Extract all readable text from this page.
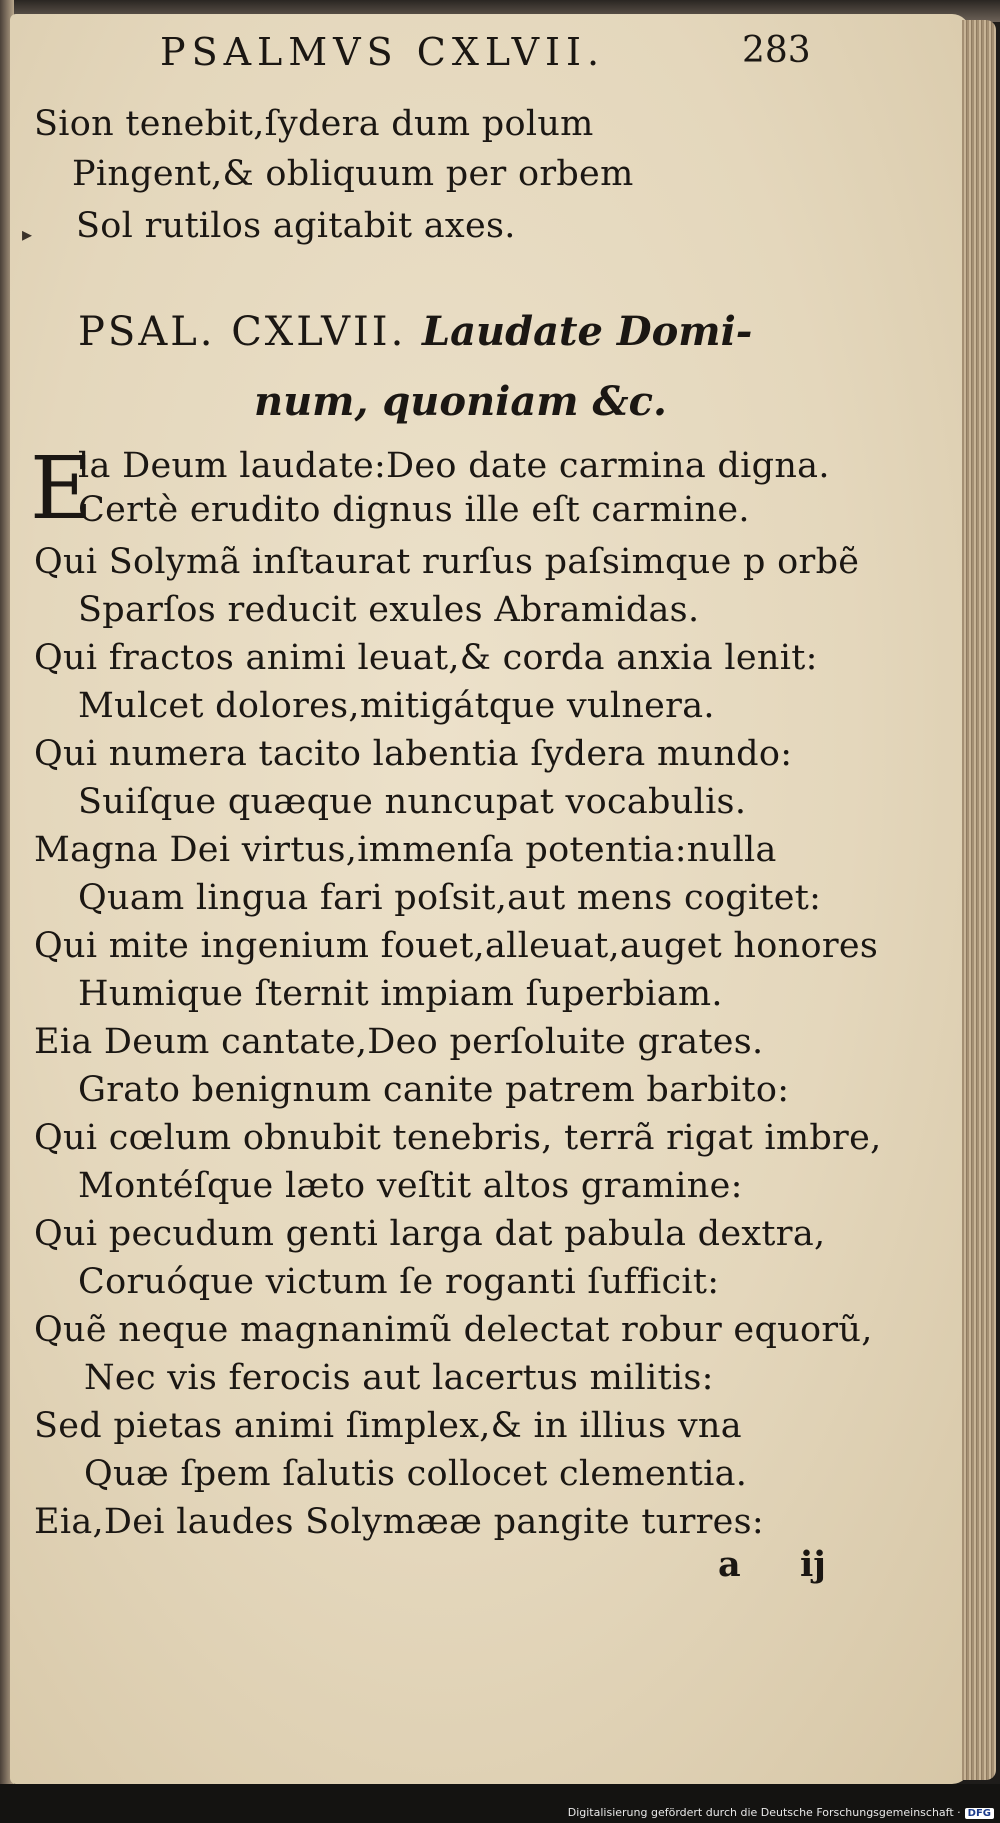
PSALMVS CXLVII.	283
Sion tenebit,ſydera dum polum
Pingent,& obliquum per orbem
▸ Sol rutilos agitabit axes.
PSAL. CXLVII. Laudate Domi-
num, quoniam &c.
E
la Deum laudate:Deo date carmina digna.
Certè erudito dignus ille eſt carmine.
Qui Solymã inſtaurat rurſus paſsimque p orbẽ
Sparſos reducit exules Abramidas.
Qui fractos animi leuat,& corda anxia lenit:
Mulcet dolores,mitigátque vulnera.
Qui numera tacito labentia ſydera mundo:
Suiſque quæque nuncupat vocabulis.
Magna Dei virtus,immenſa potentia:nulla
Quam lingua fari poſsit,aut mens cogitet:
Qui mite ingenium fouet,alleuat,auget honores
Humique ſternit impiam ſuperbiam.
Eia Deum cantate,Deo perſoluite grates.
Grato benignum canite patrem barbito:
Qui cœlum obnubit tenebris, terrã rigat imbre,
Montéſque læto veſtit altos gramine:
Qui pecudum genti larga dat pabula dextra,
Coruóque victum ſe roganti ſufficit:
Quẽ neque magnanimũ delectat robur equorũ,
Nec vis ferocis aut lacertus militis:
Sed pietas animi ſimplex,& in illius vna
Quæ ſpem ſalutis collocet clementia.
Eia,Dei laudes Solymææ pangite turres:
a ij
Digitalisierung gefördert durch die Deutsche Forschungsgemeinschaft · DFG
